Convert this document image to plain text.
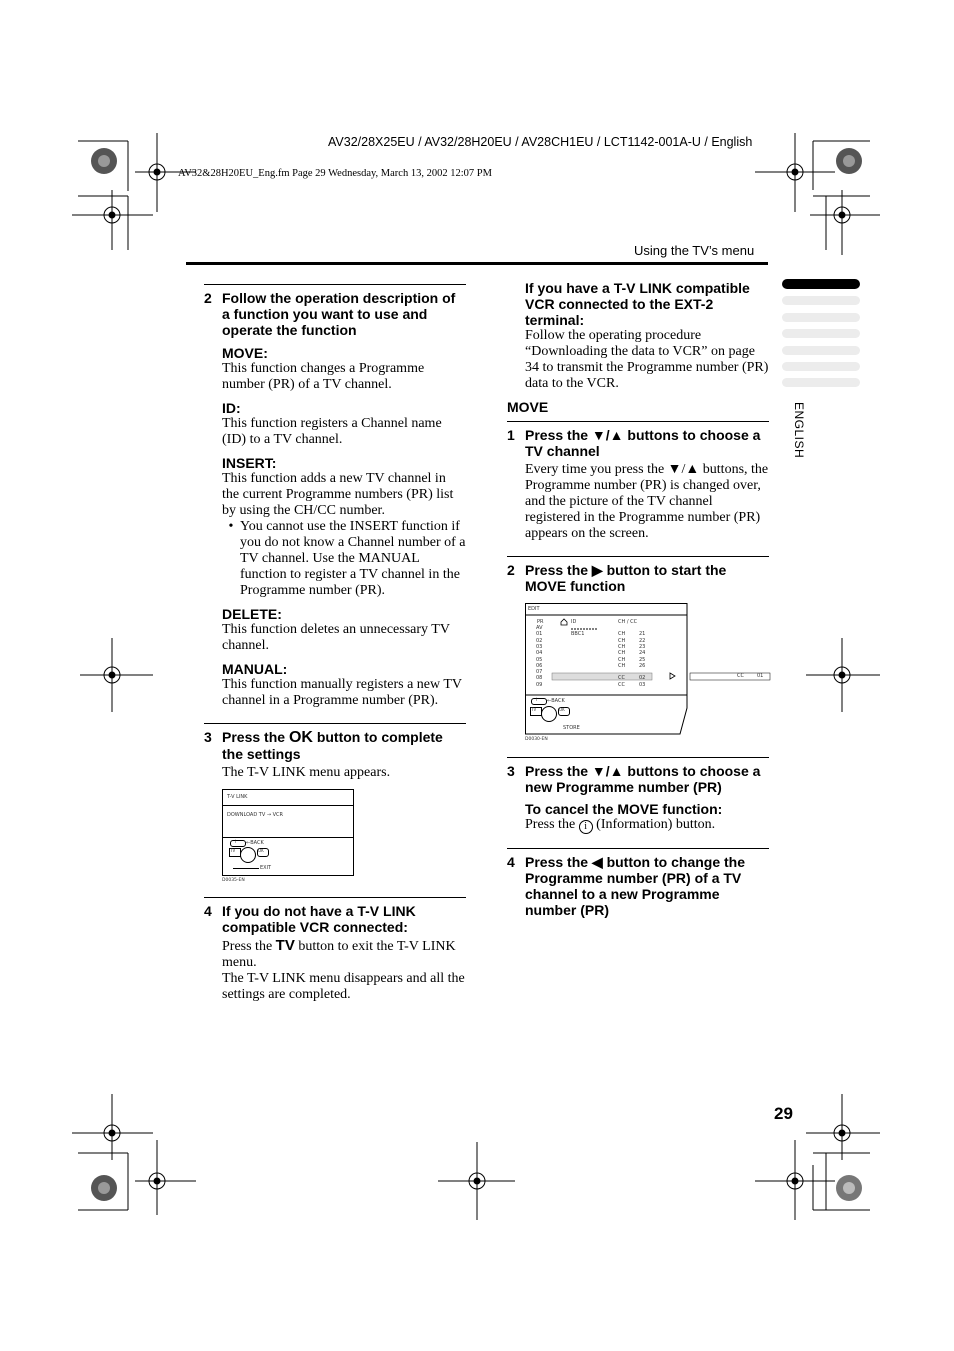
AV32/28X25EU / AV32/28H20EU / AV28CH1EU / LCT1142-001A-U / English
AV32&28H20EU_Eng.fm Page 29 Wednesday, March 13, 2002 12:07 PM
Using the TV’s menu
ENGLISH
2 Follow the operation description of a function you want to use and operate the function
MOVE:
This function changes a Programme number (PR) of a TV channel.
ID:
This function registers a Channel name (ID) to a TV channel.
INSERT:
This function adds a new TV channel in the current Programme numbers (PR) list by using the CH/CC number.
• You cannot use the INSERT function if you do not know a Channel number of a TV channel. Use the MANUAL function to register a TV channel in the Programme number (PR).
DELETE:
This function deletes an unnecessary TV channel.
MANUAL:
This function manually registers a new TV channel in a Programme number (PR).
3 Press the OK button to complete the settings
The T-V LINK menu appears.
T-V LINK
DOWNLOAD TV → VCR
i ←BACK
TV	OK
EXIT
D0035-EN
4 If you do not have a T-V LINK compatible VCR connected:
Press the TV button to exit the T-V LINK menu.
The T-V LINK menu disappears and all the settings are completed.
If you have a T-V LINK compatible VCR connected to the EXT-2 terminal:
Follow the operating procedure “Downloading the data to VCR” on page 34 to transmit the Programme number (PR) data to the VCR.
MOVE
1 Press the ▼/▲ buttons to choose a TV channel
Every time you press the ▼/▲ buttons, the Programme number (PR) is changed over, and the picture of the TV channel registered in the Programme number (PR) appears on the screen.
2 Press the ▶ button to start the MOVE function
EDIT
PR	ID	CH / CC
AV
01	BBC1	CH	21
02	CH	22
03	CH	23
04	CH	24
05	CH	25
06	CH	26
07
08	CC	02
09	CC	03
CC	01
i ←BACK
TV	OK
STORE
D0030-EN
3 Press the ▼/▲ buttons to choose a new Programme number (PR)
To cancel the MOVE function:
Press the i (Information) button.
4 Press the ◀ button to change the Programme number (PR) of a TV channel to a new Programme number (PR)
29
